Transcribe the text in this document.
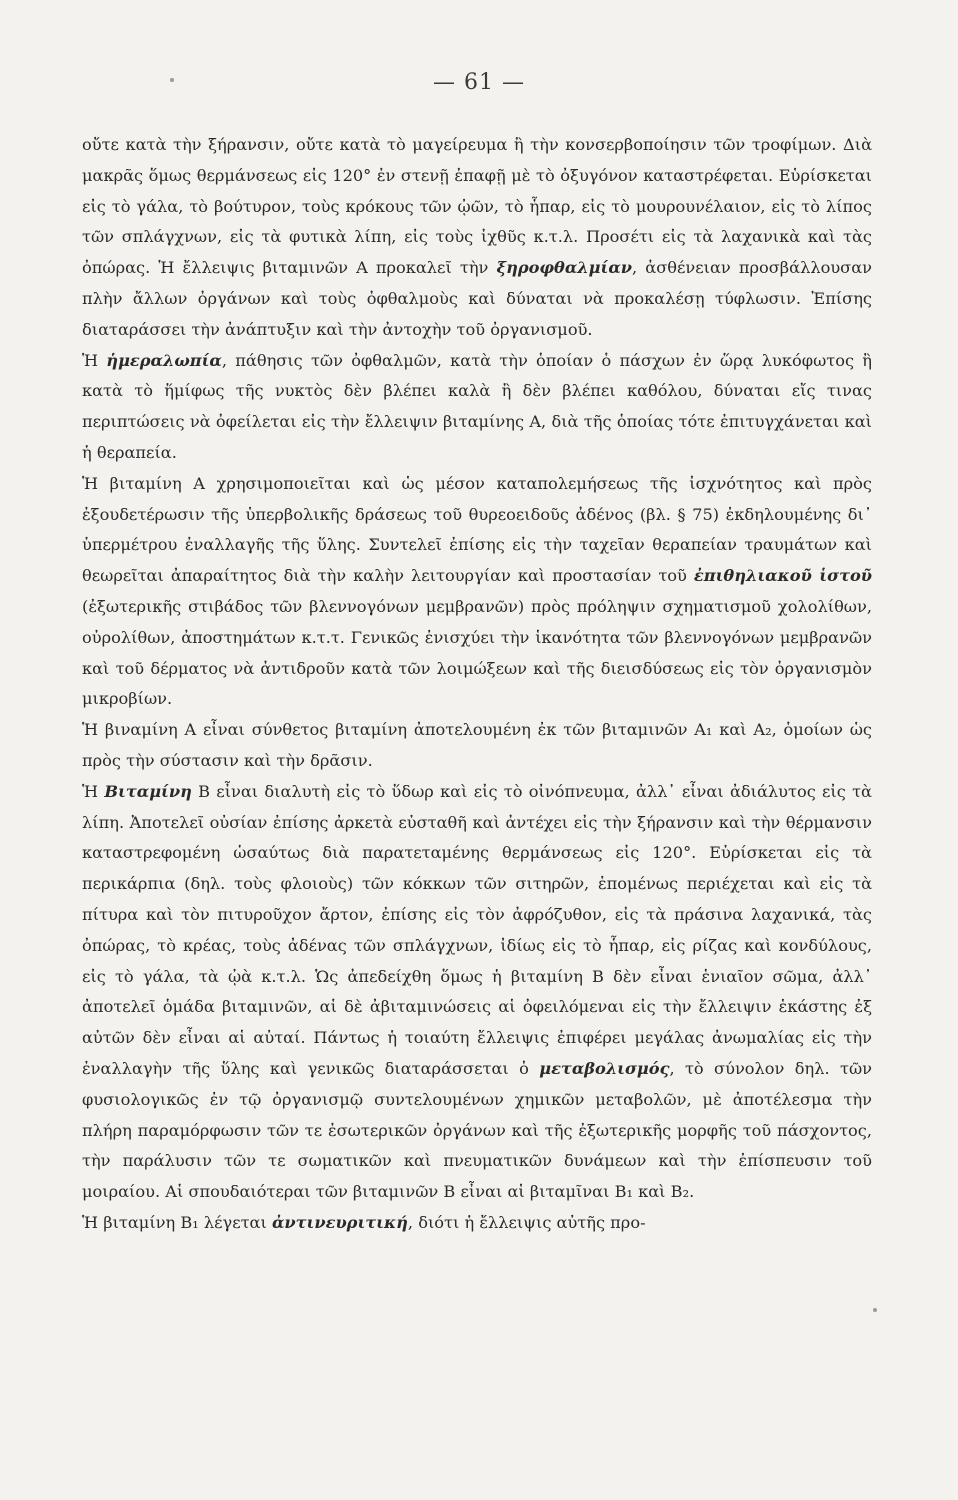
— 61 —

οὔτε κατὰ τὴν ξήρανσιν, οὔτε κατὰ τὸ μαγείρευμα ἢ τὴν κονσερβοποίησιν τῶν τροφίμων. Διὰ μακρᾶς ὅμως θερμάνσεως εἰς 120° ἐν στενῇ ἐπαφῇ μὲ τὸ ὀξυγόνον καταστρέφεται. Εὑρίσκεται εἰς τὸ γάλα, τὸ βούτυρον, τοὺς κρόκους τῶν ᾠῶν, τὸ ἧπαρ, εἰς τὸ μουρουνέλαιον, εἰς τὸ λίπος τῶν σπλάγχνων, εἰς τὰ φυτικὰ λίπη, εἰς τοὺς ἰχθῦς κ.τ.λ. Προσέτι εἰς τὰ λαχανικὰ καὶ τὰς ὀπώρας. Ἡ ἔλλειψις βιταμινῶν Α προκαλεῖ τὴν ξηροφθαλμίαν, ἀσθένειαν προσβάλλουσαν πλὴν ἄλλων ὀργάνων καὶ τοὺς ὀφθαλμοὺς καὶ δύναται νὰ προκαλέσῃ τύφλωσιν. Ἐπίσης διαταράσσει τὴν ἀνάπτυξιν καὶ τὴν ἀντοχὴν τοῦ ὀργανισμοῦ.

Ἡ ἡμεραλωπία, πάθησις τῶν ὀφθαλμῶν, κατὰ τὴν ὁποίαν ὁ πάσχων ἐν ὥρᾳ λυκόφωτος ἢ κατὰ τὸ ἥμίφως τῆς νυκτὸς δὲν βλέπει καλὰ ἢ δὲν βλέπει καθόλου, δύναται εἴς τινας περιπτώσεις νὰ ὀφείλεται εἰς τὴν ἔλλειψιν βιταμίνης Α, διὰ τῆς ὁποίας τότε ἐπιτυγχάνεται καὶ ἡ θεραπεία.

Ἡ βιταμίνη Α χρησιμοποιεῖται καὶ ὡς μέσον καταπολεμήσεως τῆς ἰσχνότητος καὶ πρὸς ἐξουδετέρωσιν τῆς ὑπερβολικῆς δράσεως τοῦ θυρεοειδοῦς ἀδένος (βλ. § 75) ἐκδηλουμένης δι᾽ ὑπερμέτρου ἐναλλαγῆς τῆς ὕλης. Συντελεῖ ἐπίσης εἰς τὴν ταχεῖαν θεραπείαν τραυμάτων καὶ θεωρεῖται ἀπαραίτητος διὰ τὴν καλὴν λειτουργίαν καὶ προστασίαν τοῦ ἐπιθηλιακοῦ ἱστοῦ (ἐξωτερικῆς στιβάδος τῶν βλεννογόνων μεμβρανῶν) πρὸς πρόληψιν σχηματισμοῦ χολολίθων, οὐρολίθων, ἀποστημάτων κ.τ.τ. Γενικῶς ἐνισχύει τὴν ἱκανότητα τῶν βλεννογόνων μεμβρανῶν καὶ τοῦ δέρματος νὰ ἀντιδροῦν κατὰ τῶν λοιμώξεων καὶ τῆς διεισδύσεως εἰς τὸν ὀργανισμὸν μικροβίων.

Ἡ βιναμίνη Α εἶναι σύνθετος βιταμίνη ἀποτελουμένη ἐκ τῶν βιταμινῶν Α₁ καὶ Α₂, ὁμοίων ὡς πρὸς τὴν σύστασιν καὶ τὴν δρᾶσιν.

Ἡ Βιταμίνη Β εἶναι διαλυτὴ εἰς τὸ ὕδωρ καὶ εἰς τὸ οἰνόπνευμα, ἀλλ᾽ εἶναι ἀδιάλυτος εἰς τὰ λίπη. Ἀποτελεῖ οὐσίαν ἐπίσης ἀρκετὰ εὐσταθῆ καὶ ἀντέχει εἰς τὴν ξήρανσιν καὶ τὴν θέρμανσιν καταστρεφομένη ὡσαύτως διὰ παρατεταμένης θερμάνσεως εἰς 120°. Εὑρίσκεται εἰς τὰ περικάρπια (δηλ. τοὺς φλοιοὺς) τῶν κόκκων τῶν σιτηρῶν, ἑπομένως περιέχεται καὶ εἰς τὰ πίτυρα καὶ τὸν πιτυροῦχον ἄρτον, ἐπίσης εἰς τὸν ἀφρόζυθον, εἰς τὰ πράσινα λαχανικά, τὰς ὀπώρας, τὸ κρέας, τοὺς ἀδένας τῶν σπλάγχνων, ἰδίως εἰς τὸ ἧπαρ, εἰς ρίζας καὶ κονδύλους, εἰς τὸ γάλα, τὰ ᾠὰ κ.τ.λ. Ὡς ἀπεδείχθη ὅμως ἡ βιταμίνη Β δὲν εἶναι ἑνιαῖον σῶμα, ἀλλ᾽ ἀποτελεῖ ὁμάδα βιταμινῶν, αἱ δὲ ἀβιταμινώσεις αἱ ὀφειλόμεναι εἰς τὴν ἔλλειψιν ἑκάστης ἐξ αὐτῶν δὲν εἶναι αἱ αὐταί. Πάντως ἡ τοιαύτη ἔλλειψις ἐπιφέρει μεγάλας ἀνωμαλίας εἰς τὴν ἐναλλαγὴν τῆς ὕλης καὶ γενικῶς διαταράσσεται ὁ μεταβολισμός, τὸ σύνολον δηλ. τῶν φυσιολογικῶς ἐν τῷ ὀργανισμῷ συντελουμένων χημικῶν μεταβολῶν, μὲ ἀποτέλεσμα τὴν πλήρη παραμόρφωσιν τῶν τε ἐσωτερικῶν ὀργάνων καὶ τῆς ἐξωτερικῆς μορφῆς τοῦ πάσχοντος, τὴν παράλυσιν τῶν τε σωματικῶν καὶ πνευματικῶν δυνάμεων καὶ τὴν ἐπίσπευσιν τοῦ μοιραίου. Αἱ σπουδαιότεραι τῶν βιταμινῶν Β εἶναι αἱ βιταμῖναι Β₁ καὶ Β₂.

Ἡ βιταμίνη Β₁ λέγεται ἀντινευριτική, διότι ἡ ἔλλειψις αὐτῆς προ-
